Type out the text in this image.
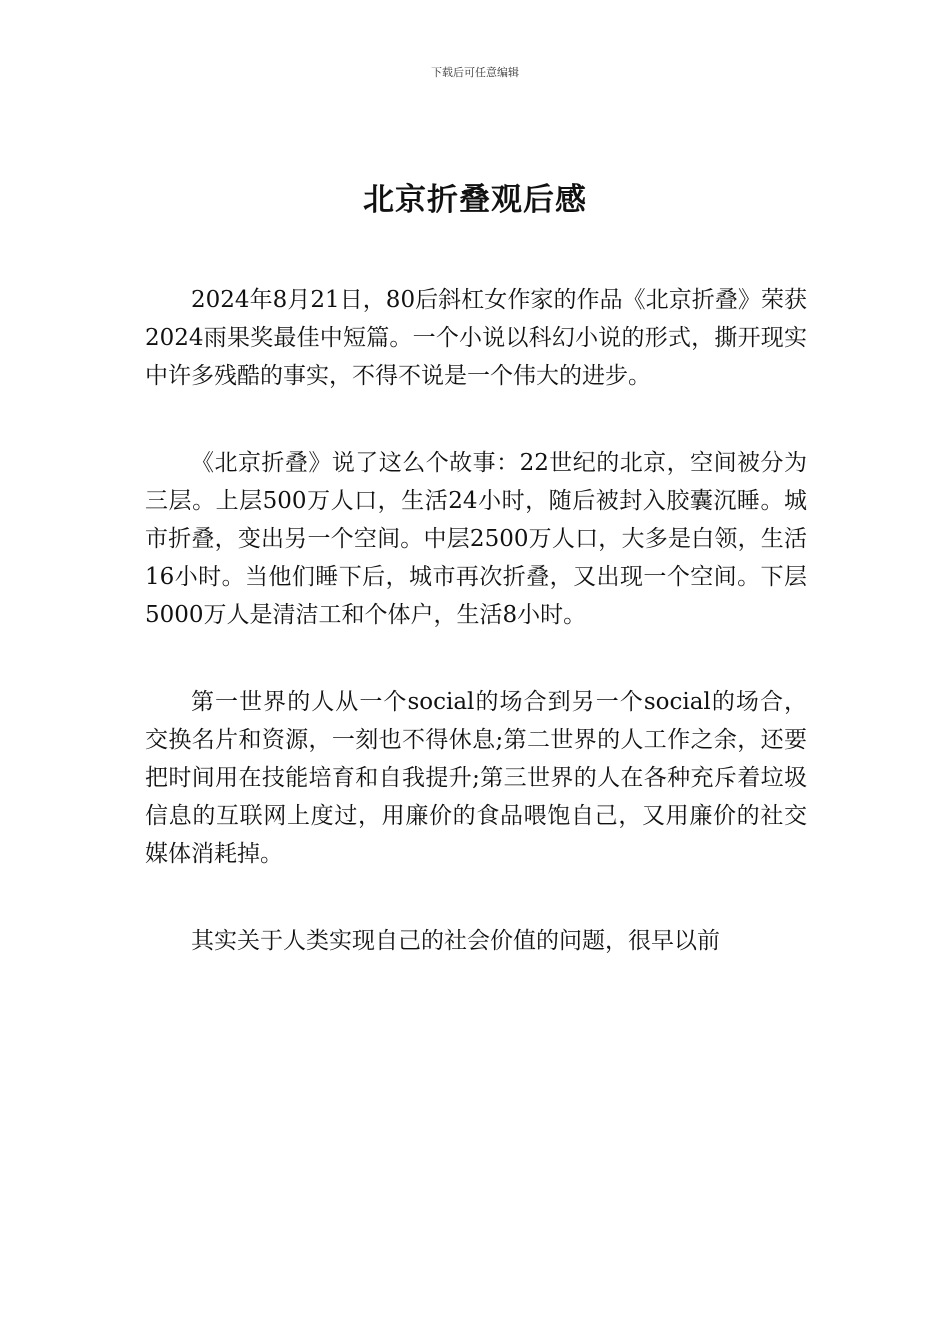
下载后可任意编辑
北京折叠观后感

2024年8月21日，80后斜杠女作家的作品《北京折叠》荣获2024雨果奖最佳中短篇。一个小说以科幻小说的形式，撕开现实中许多残酷的事实，不得不说是一个伟大的进步。

《北京折叠》说了这么个故事：22世纪的北京，空间被分为三层。上层500万人口，生活24小时，随后被封入胶囊沉睡。城市折叠，变出另一个空间。中层2500万人口，大多是白领，生活16小时。当他们睡下后，城市再次折叠，又出现一个空间。下层5000万人是清洁工和个体户，生活8小时。

第一世界的人从一个social的场合到另一个social的场合，交换名片和资源，一刻也不得休息;第二世界的人工作之余，还要把时间用在技能培育和自我提升;第三世界的人在各种充斥着垃圾信息的互联网上度过，用廉价的食品喂饱自己，又用廉价的社交媒体消耗掉。

其实关于人类实现自己的社会价值的问题，很早以前
